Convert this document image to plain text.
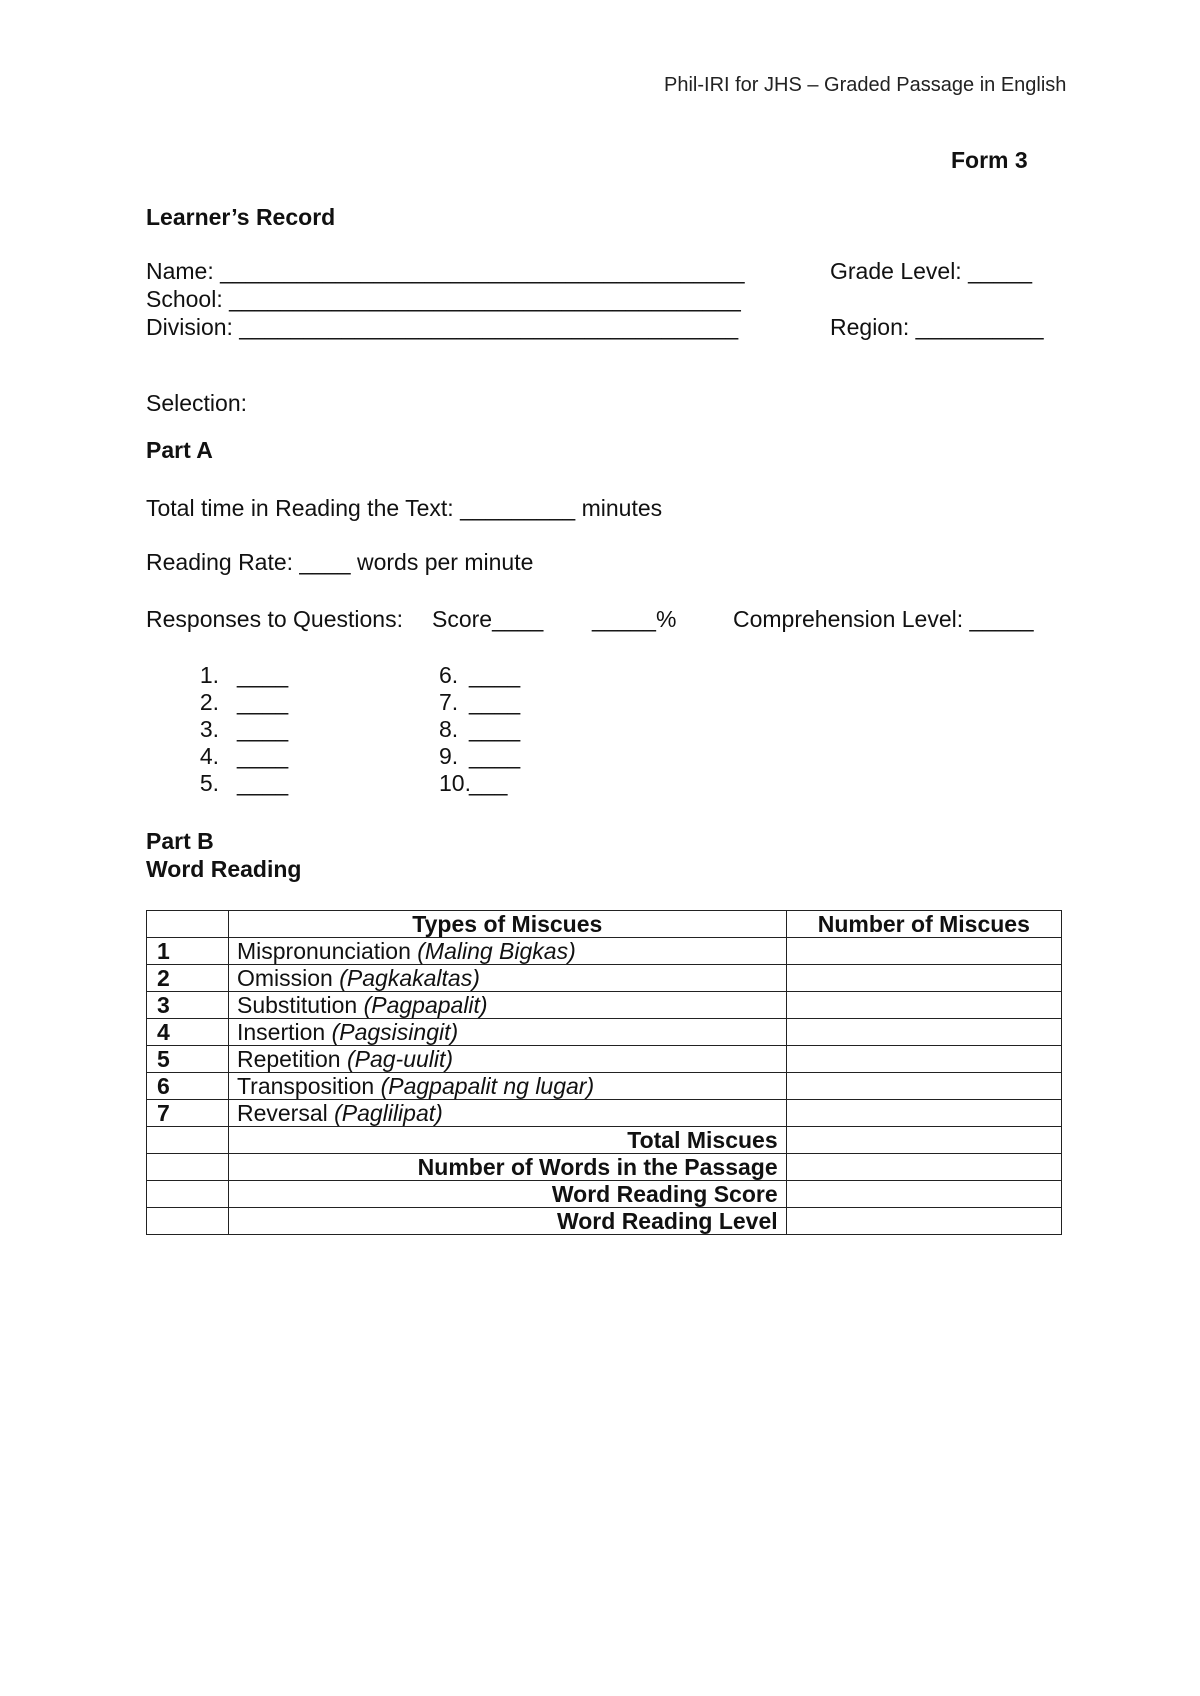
Phil-IRI for JHS – Graded Passage in English
Form 3
Learner’s Record
Name: _________________________________________	Grade Level: _____
School: ________________________________________
Division: _______________________________________	Region: __________
Selection:
Part A
Total time in Reading the Text: _________ minutes
Reading Rate: ____ words per minute
Responses to Questions: Score____ _____% Comprehension Level: _____
1. ____
2. ____
3. ____
4. ____
5. ____
6. ____
7. ____
8. ____
9. ____
10.
___
Part B
Word Reading
	Types of Miscues	Number of Miscues
1	Mispronunciation (Maling Bigkas)	
2	Omission (Pagkakaltas)	
3	Substitution (Pagpapalit)	
4	Insertion (Pagsisingit)	
5	Repetition (Pag-uulit)	
6	Transposition (Pagpapalit ng lugar)	
7	Reversal (Paglilipat)	
	Total Miscues	
	Number of Words in the Passage	
	Word Reading Score	
	Word Reading Level	
